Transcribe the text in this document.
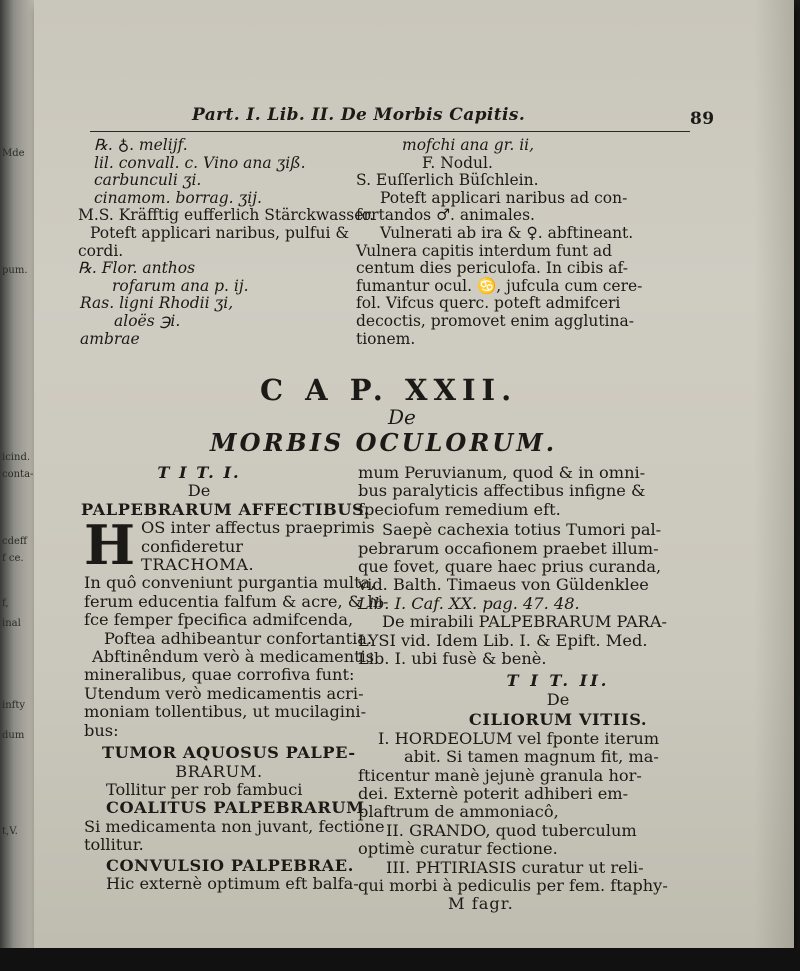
Mde
pum.
icind.
conta-
cdeff
f ce.
f,
inal
infty
dum
t,V.
Part. I. Lib. II. De Morbis Capitis.	89
℞. ♁. melijf.
lil. convall. c. Vino ana ʒiß.
carbunculi ʒi.
cinamom. borrag. ʒij.
M.S. Kräfftig eufferlich Stärckwasser.
Poteft applicari naribus, pulfui &
cordi.
℞. Flor. anthos
rofarum ana p. ij.
Ras. ligni Rhodii ʒi,
aloës ℈i.
ambrae
mofchi ana gr. ii,
F. Nodul.
S. Euſſerlich Büſchlein.
Poteft applicari naribus ad con-
fortandos ♂. animales.
Vulnerati ab ira & ♀. abftineant.
Vulnera capitis interdum funt ad
centum dies periculofa. In cibis af-
fumantur ocul. ♋, jufcula cum cere-
fol. Vifcus querc. poteft admifceri
decoctis, promovet enim agglutina-
tionem.
C A P. XXII.
De
MORBIS OCULORUM.
T I T. I.
De
PALPEBRARUM AFFECTIBUS.
H OS inter affectus praeprimis
confideretur
TRACHOMA.
In quô conveniunt purgantia multa,
ferum educentia falfum & acre, & hi-
fce femper fpecifica admifcenda,
Poftea adhibeantur confortantia.
Abftinêndum verò à medicamentis
mineralibus, quae corrofiva funt:
Utendum verò medicamentis acri-
moniam tollentibus, ut mucilagini-
bus:
TUMOR AQUOSUS PALPE-
BRARUM.
Tollitur per rob fambuci
COALITUS PALPEBRARUM
Si medicamenta non juvant, fectione
tollitur.
CONVULSIO PALPEBRAE.
Hic externè optimum eft balfa-
mum Peruvianum, quod & in omni-
bus paralyticis affectibus infigne &
fpeciofum remedium eft.
Saepè cachexia totius Tumori pal-
pebrarum occafionem praebet illum-
que fovet, quare haec prius curanda,
vid. Balth. Timaeus von Güldenklee
Lib. I. Caf. XX. pag. 47. 48.
De mirabili PALPEBRARUM PARA-
LYSI vid. Idem Lib. I. & Epift. Med.
Lib. I. ubi fusè & benè.
T I T. II.
De
CILIORUM VITIIS.
I. HORDEOLUM vel fponte iterum
abit. Si tamen magnum fit, ma-
fticentur manè jejunè granula hor-
dei. Externè poterit adhiberi em-
plaftrum de ammoniacô,
II. GRANDO, quod tuberculum
optimè curatur fectione.
III. PHTIRIASIS curatur ut reli-
qui morbi à pediculis per fem. ftaphy-
M fagr.
